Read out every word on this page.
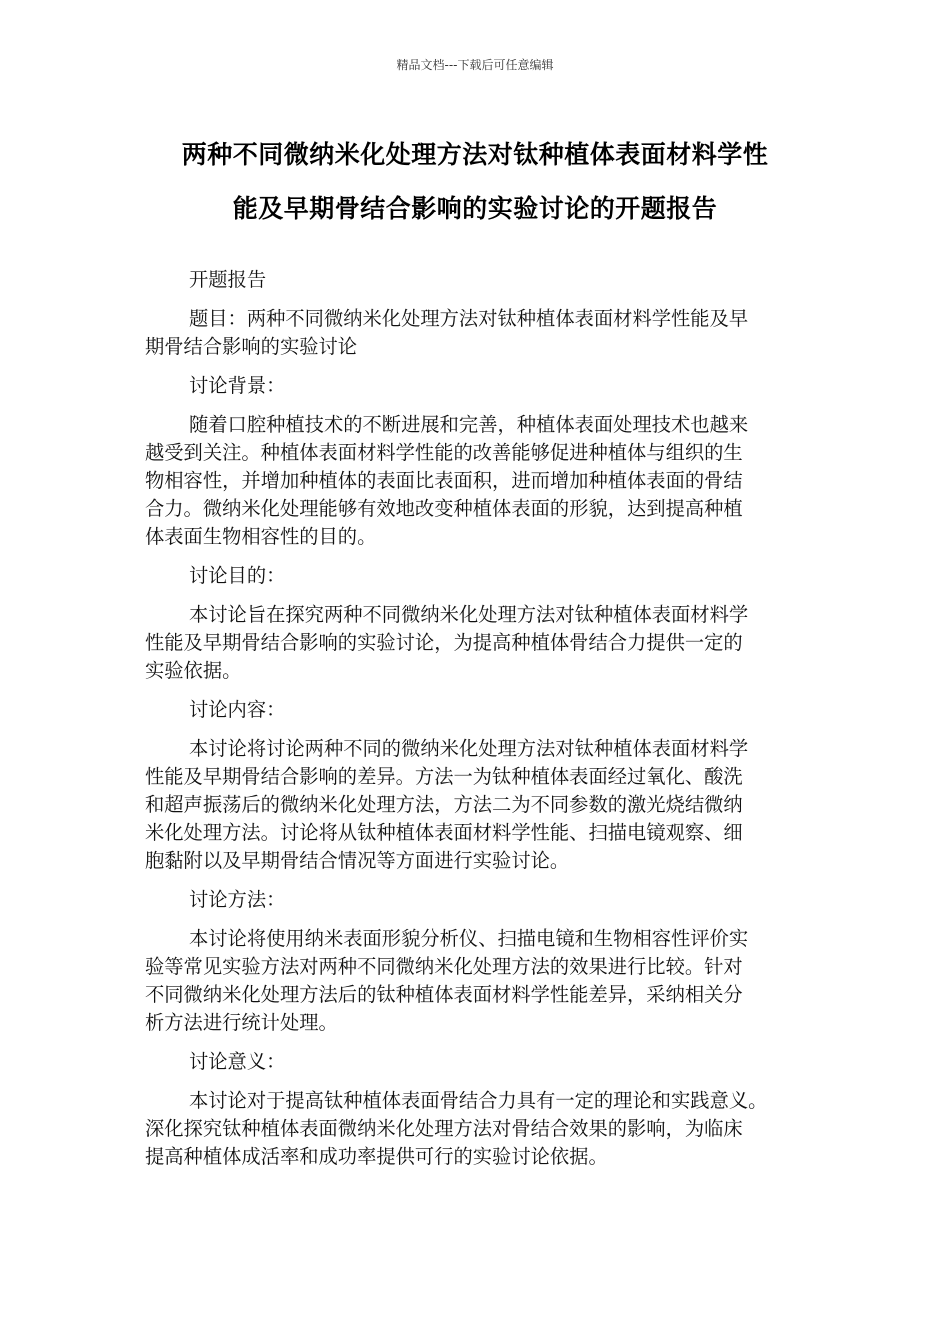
精品文档---下载后可任意编辑
两种不同微纳米化处理方法对钛种植体表面材料学性
能及早期骨结合影响的实验讨论的开题报告

开题报告

题目：两种不同微纳米化处理方法对钛种植体表面材料学性能及早
期骨结合影响的实验讨论

讨论背景：

随着口腔种植技术的不断进展和完善，种植体表面处理技术也越来
越受到关注。种植体表面材料学性能的改善能够促进种植体与组织的生
物相容性，并增加种植体的表面比表面积，进而增加种植体表面的骨结
合力。微纳米化处理能够有效地改变种植体表面的形貌，达到提高种植
体表面生物相容性的目的。

讨论目的：

本讨论旨在探究两种不同微纳米化处理方法对钛种植体表面材料学
性能及早期骨结合影响的实验讨论，为提高种植体骨结合力提供一定的
实验依据。

讨论内容：

本讨论将讨论两种不同的微纳米化处理方法对钛种植体表面材料学
性能及早期骨结合影响的差异。方法一为钛种植体表面经过氧化、酸洗
和超声振荡后的微纳米化处理方法，方法二为不同参数的激光烧结微纳
米化处理方法。讨论将从钛种植体表面材料学性能、扫描电镜观察、细
胞黏附以及早期骨结合情况等方面进行实验讨论。

讨论方法：

本讨论将使用纳米表面形貌分析仪、扫描电镜和生物相容性评价实
验等常见实验方法对两种不同微纳米化处理方法的效果进行比较。针对
不同微纳米化处理方法后的钛种植体表面材料学性能差异，采纳相关分
析方法进行统计处理。

讨论意义：

本讨论对于提高钛种植体表面骨结合力具有一定的理论和实践意义。
深化探究钛种植体表面微纳米化处理方法对骨结合效果的影响，为临床
提高种植体成活率和成功率提供可行的实验讨论依据。
